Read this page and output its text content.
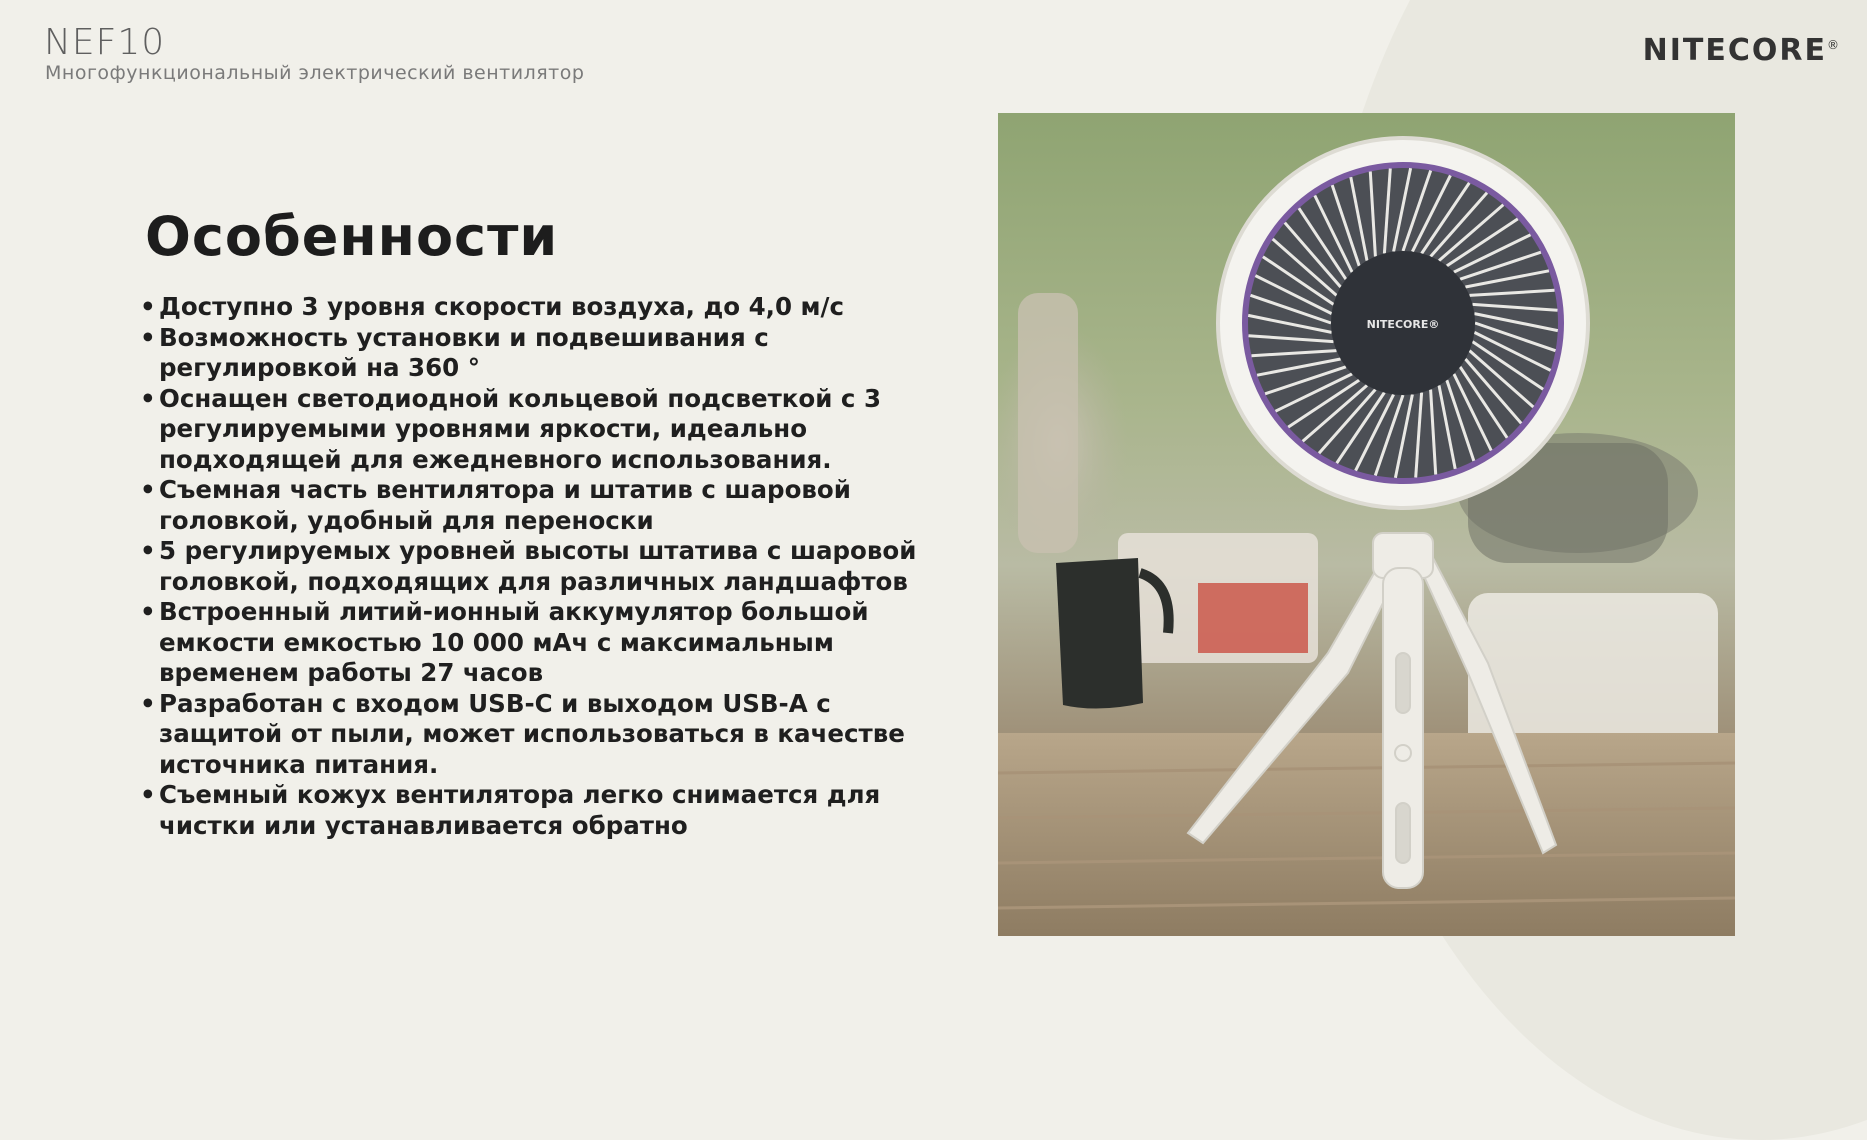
NEF10
Многофункциональный электрический вентилятор
NITECORE®
Особенности
• Доступно 3 уровня скорости воздуха, до 4,0 м/с
• Возможность установки и подвешивания с регулировкой на 360 °
• Оснащен светодиодной кольцевой подсветкой с 3 регулируемыми уровнями яркости, идеально подходящей для ежедневного использования.
• Съемная часть вентилятора и штатив с шаровой головкой, удобный для переноски
• 5 регулируемых уровней высоты штатива с шаровой головкой, подходящих для различных ландшафтов
• Встроенный литий-ионный аккумулятор большой емкости емкостью 10 000 мАч с максимальным временем работы 27 часов
• Разработан с входом USB-C и выходом USB-A с защитой от пыли, может использоваться в качестве источника питания.
• Съемный кожух вентилятора легко снимается для чистки или устанавливается обратно
NITECORE®
